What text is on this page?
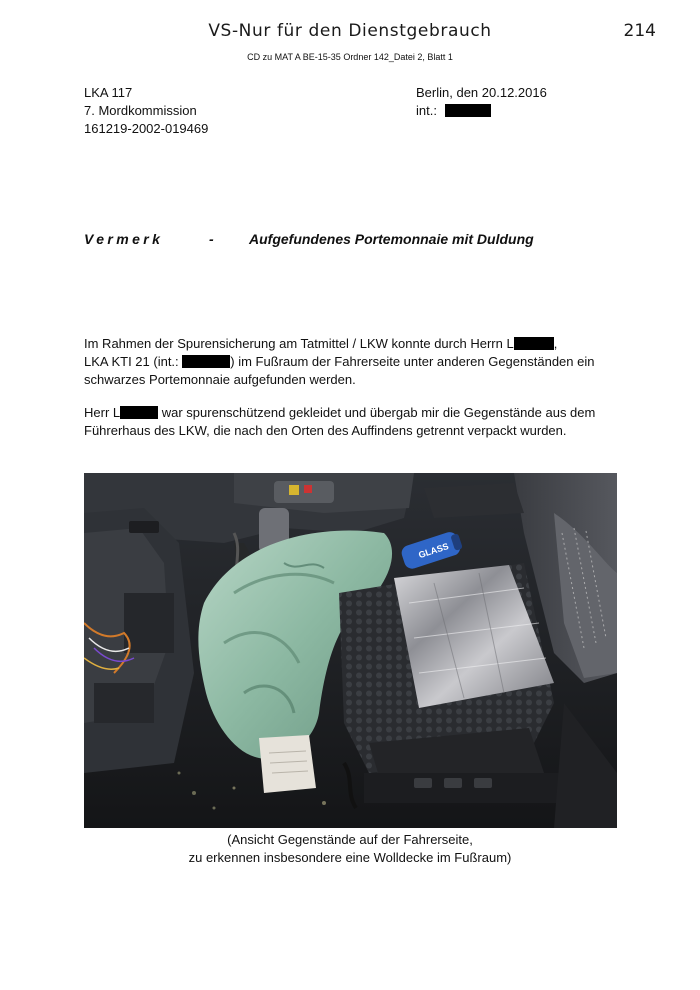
VS-Nur für den Dienstgebrauch	214
CD zu MAT A BE-15-35 Ordner 142_Datei 2, Blatt 1
LKA 117
7. Mordkommission
161219-2002-019469
Berlin, den 20.12.2016
int.:
Vermerk	-	Aufgefundenes Portemonnaie mit Duldung
Im Rahmen der Spurensicherung am Tatmittel / LKW konnte durch Herrn L	,
LKA KTI 21 (int.:	) im Fußraum der Fahrerseite unter anderen Gegenständen ein
schwarzes Portemonnaie aufgefunden werden.
Herr L	war spurenschützend gekleidet und übergab mir die Gegenstände aus dem
Führerhaus des LKW, die nach den Orten des Auffindens getrennt verpackt wurden.
GLASS
(Ansicht Gegenstände auf der Fahrerseite,
zu erkennen insbesondere eine Wolldecke im Fußraum)
